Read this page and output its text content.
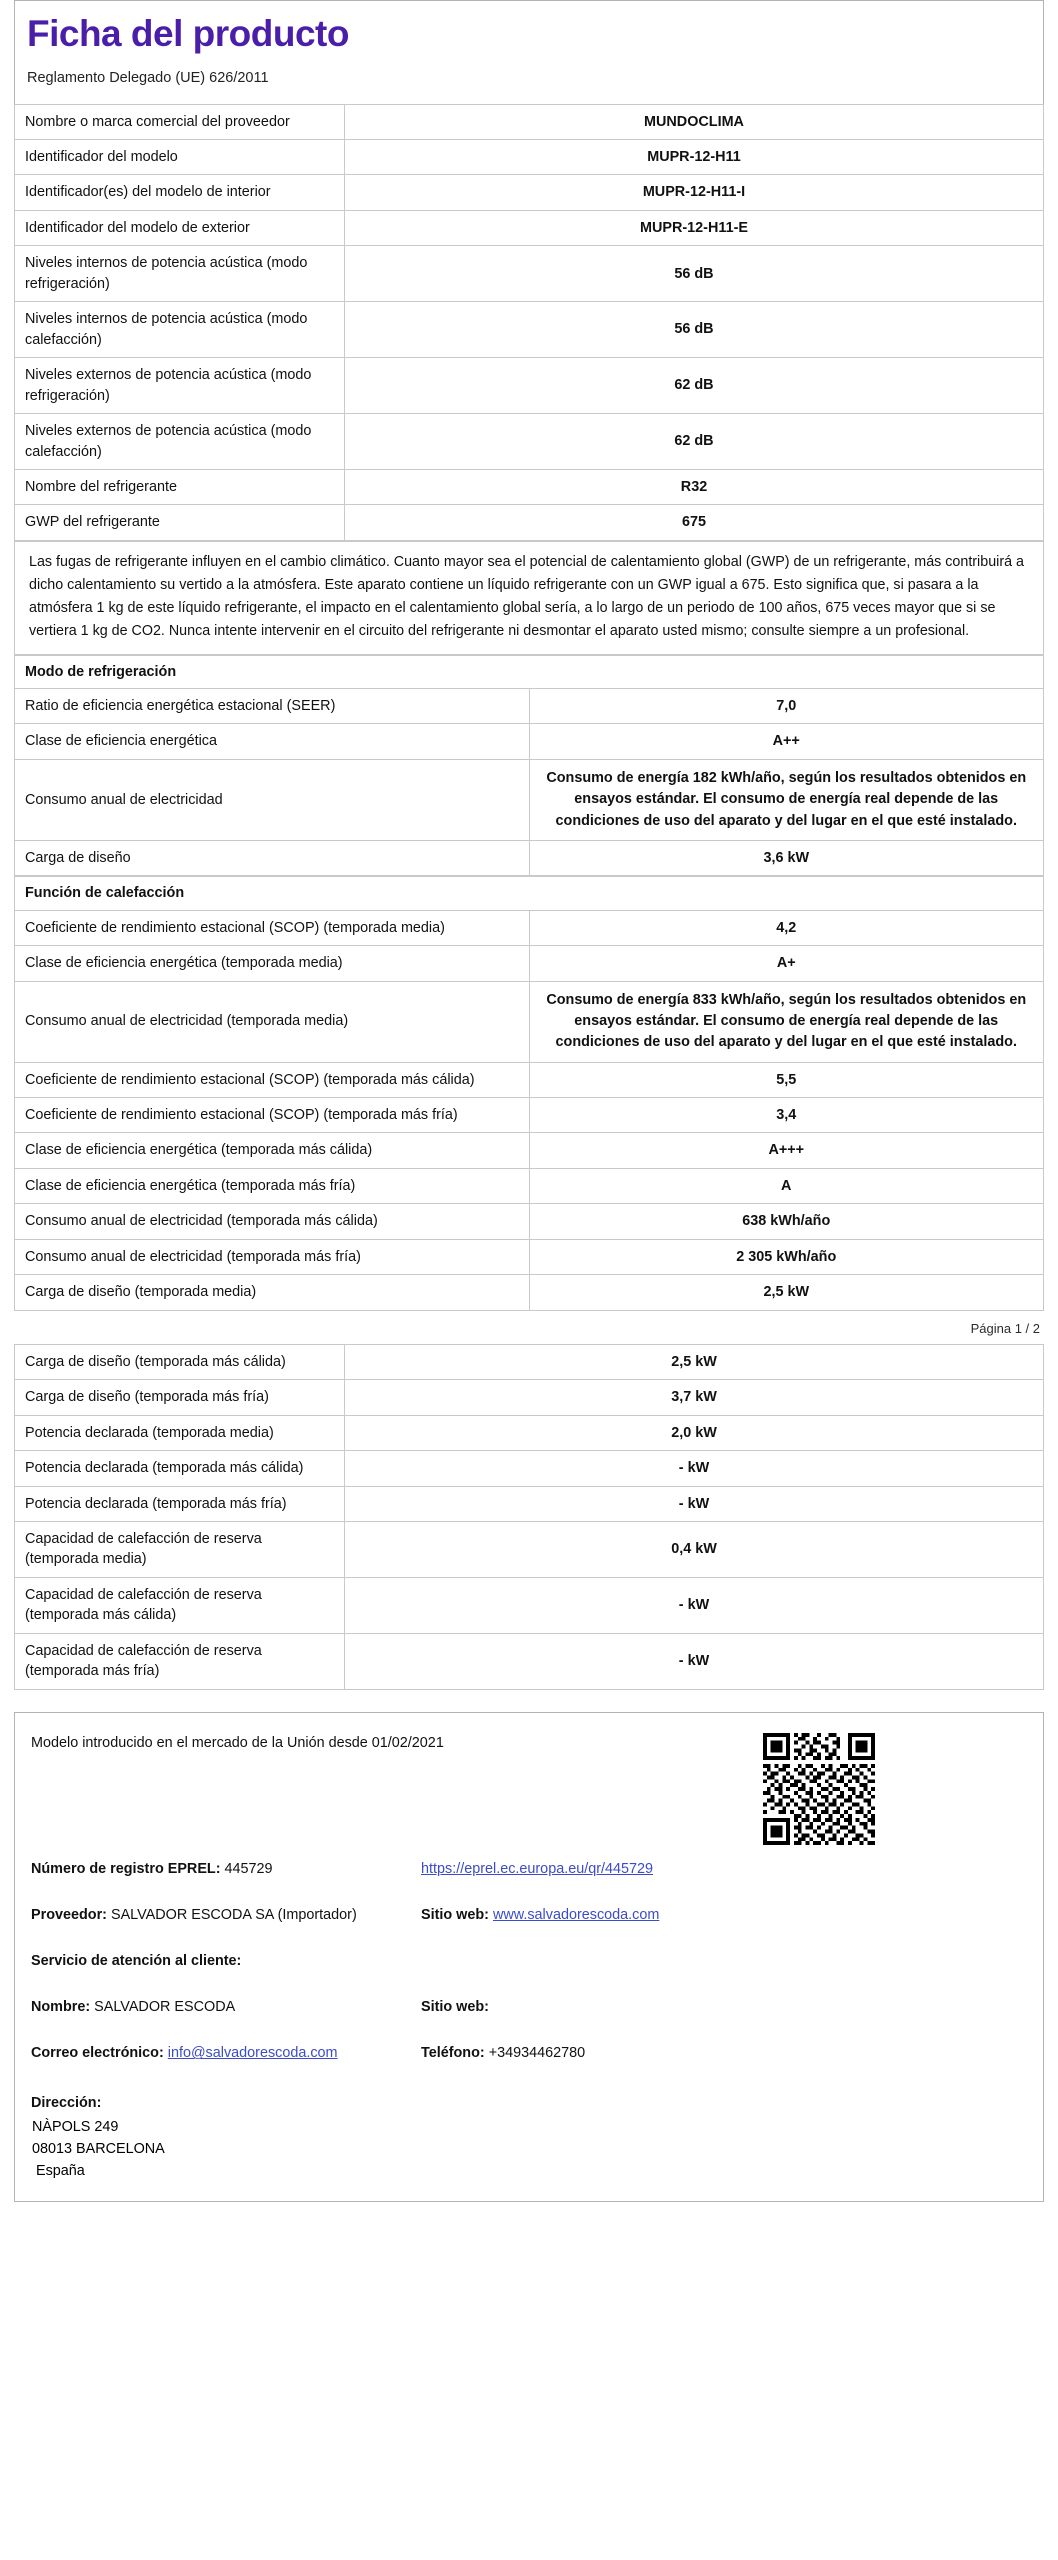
Ficha del producto
Reglamento Delegado (UE) 626/2011
Nombre o marca comercial del proveedor	MUNDOCLIMA
Identificador del modelo	MUPR-12-H11
Identificador(es) del modelo de interior	MUPR-12-H11-I
Identificador del modelo de exterior	MUPR-12-H11-E
Niveles internos de potencia acústica (modo refrigeración)	56 dB
Niveles internos de potencia acústica (modo calefacción)	56 dB
Niveles externos de potencia acústica (modo refrigeración)	62 dB
Niveles externos de potencia acústica (modo calefacción)	62 dB
Nombre del refrigerante	R32
GWP del refrigerante	675
Las fugas de refrigerante influyen en el cambio climático. Cuanto mayor sea el potencial de calentamiento global (GWP) de un refrigerante, más contribuirá a dicho calentamiento su vertido a la atmósfera. Este aparato contiene un líquido refrigerante con un GWP igual a 675. Esto significa que, si pasara a la atmósfera 1 kg de este líquido refrigerante, el impacto en el calentamiento global sería, a lo largo de un periodo de 100 años, 675 veces mayor que si se vertiera 1 kg de CO2. Nunca intente intervenir en el circuito del refrigerante ni desmontar el aparato usted mismo; consulte siempre a un profesional.
Modo de refrigeración	
Ratio de eficiencia energética estacional (SEER)	7,0
Clase de eficiencia energética	A++
Consumo anual de electricidad	Consumo de energía 182 kWh/año, según los resultados obtenidos en ensayos estándar. El consumo de energía real depende de las condiciones de uso del aparato y del lugar en el que esté instalado.
Carga de diseño	3,6 kW
Función de calefacción	
Coeficiente de rendimiento estacional (SCOP) (temporada media)	4,2
Clase de eficiencia energética (temporada media)	A+
Consumo anual de electricidad (temporada media)	Consumo de energía 833 kWh/año, según los resultados obtenidos en ensayos estándar. El consumo de energía real depende de las condiciones de uso del aparato y del lugar en el que esté instalado.
Coeficiente de rendimiento estacional (SCOP) (temporada más cálida)	5,5
Coeficiente de rendimiento estacional (SCOP) (temporada más fría)	3,4
Clase de eficiencia energética (temporada más cálida)	A+++
Clase de eficiencia energética (temporada más fría)	A
Consumo anual de electricidad (temporada más cálida)	638 kWh/año
Consumo anual de electricidad (temporada más fría)	2 305 kWh/año
Carga de diseño (temporada media)	2,5 kW
Página 1 / 2
Carga de diseño (temporada más cálida)	2,5 kW
Carga de diseño (temporada más fría)	3,7 kW
Potencia declarada (temporada media)	2,0 kW
Potencia declarada (temporada más cálida)	- kW
Potencia declarada (temporada más fría)	- kW
Capacidad de calefacción de reserva (temporada media)	0,4 kW
Capacidad de calefacción de reserva (temporada más cálida)	- kW
Capacidad de calefacción de reserva (temporada más fría)	- kW
Modelo introducido en el mercado de la Unión desde 01/02/2021
Número de registro EPREL: 445729	https://eprel.ec.europa.eu/qr/445729
Proveedor: SALVADOR ESCODA SA (Importador)	Sitio web: www.salvadorescoda.com
Servicio de atención al cliente:
Nombre: SALVADOR ESCODA	Sitio web:
Correo electrónico: info@salvadorescoda.com	Teléfono: +34934462780
Dirección:
NÀPOLS 249
08013 BARCELONA
España
